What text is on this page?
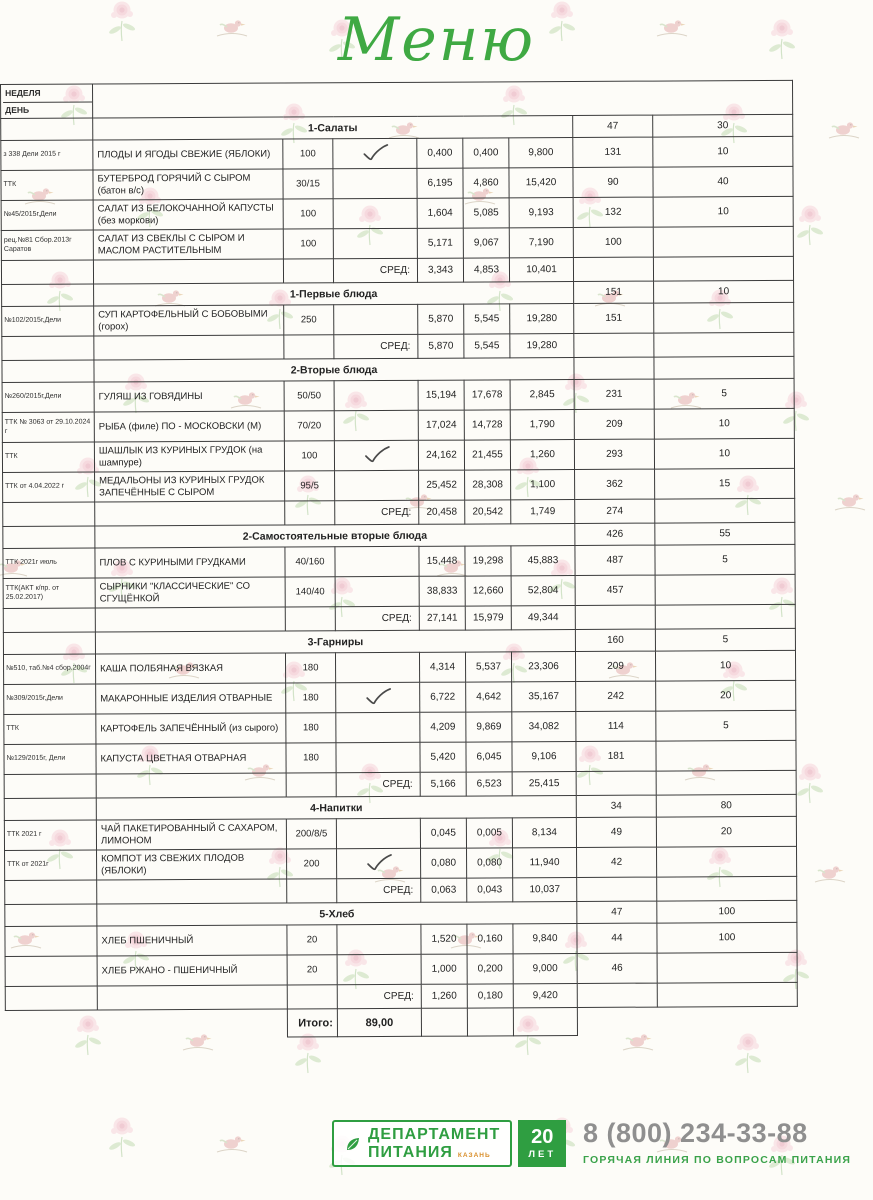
Меню
НЕДЕЛЯ
ДЕНЬ								

	1-Салаты						47	30
з 338 Дели 2015 г	ПЛОДЫ И ЯГОДЫ СВЕЖИЕ (ЯБЛОКИ)	100		0,400	0,400	9,800	131	10
ТТК	БУТЕРБРОД ГОРЯЧИЙ С СЫРОМ (батон в/с)	30/15		6,195	4,860	15,420	90	40
№45/2015г,Дели	САЛАТ ИЗ БЕЛОКОЧАННОЙ КАПУСТЫ (без моркови)	100		1,604	5,085	9,193	132	10
рец.№81 Сбор.2013г Саратов	САЛАТ ИЗ СВЕКЛЫ С СЫРОМ И МАСЛОМ РАСТИТЕЛЬНЫМ	100		5,171	9,067	7,190	100	
			СРЕД:	3,343	4,853	10,401		
	1-Первые блюда						151	10
№102/2015г,Дели	СУП КАРТОФЕЛЬНЫЙ С БОБОВЫМИ (горох)	250		5,870	5,545	19,280	151	
			СРЕД:	5,870	5,545	19,280		
	2-Вторые блюда							
№260/2015г,Дели	ГУЛЯШ ИЗ ГОВЯДИНЫ	50/50		15,194	17,678	2,845	231	5
ТТК № 3063 от 29.10.2024 г	РЫБА (филе) ПО - МОСКОВСКИ (М)	70/20		17,024	14,728	1,790	209	10
ТТК	ШАШЛЫК ИЗ КУРИНЫХ ГРУДОК (на шампуре)	100		24,162	21,455	1,260	293	10
ТТК от 4.04.2022 г	МЕДАЛЬОНЫ ИЗ КУРИНЫХ ГРУДОК ЗАПЕЧЁННЫЕ С СЫРОМ	95/5		25,452	28,308	1,100	362	15
			СРЕД:	20,458	20,542	1,749	274	
	2-Самостоятельные вторые блюда						426	55
ТТК 2021г июль	ПЛОВ С КУРИНЫМИ ГРУДКАМИ	40/160		15,448	19,298	45,883	487	5
ТТК(АКТ к/пр. от 25.02.2017)	СЫРНИКИ "КЛАССИЧЕСКИЕ" СО СГУЩЁНКОЙ	140/40		38,833	12,660	52,804	457	
			СРЕД:	27,141	15,979	49,344		
	3-Гарниры						160	5
№510, таб.№4 сбор.2004г	КАША ПОЛБЯНАЯ ВЯЗКАЯ	180		4,314	5,537	23,306	209	10
№309/2015г,Дели	МАКАРОННЫЕ ИЗДЕЛИЯ ОТВАРНЫЕ	180		6,722	4,642	35,167	242	20
ТТК	КАРТОФЕЛЬ ЗАПЕЧЁННЫЙ (из сырого)	180		4,209	9,869	34,082	114	5
№129/2015г, Дели	КАПУСТА ЦВЕТНАЯ ОТВАРНАЯ	180		5,420	6,045	9,106	181	
			СРЕД:	5,166	6,523	25,415		
	4-Напитки						34	80
ТТК 2021 г	ЧАЙ ПАКЕТИРОВАННЫЙ С САХАРОМ, ЛИМОНОМ	200/8/5		0,045	0,005	8,134	49	20
ТТК от 2021г	КОМПОТ ИЗ СВЕЖИХ ПЛОДОВ (ЯБЛОКИ)	200		0,080	0,080	11,940	42	
			СРЕД:	0,063	0,043	10,037		
	5-Хлеб						47	100
	ХЛЕБ ПШЕНИЧНЫЙ	20		1,520	0,160	9,840	44	100
	ХЛЕБ РЖАНО - ПШЕНИЧНЫЙ	20		1,000	0,200	9,000	46	
			СРЕД:	1,260	0,180	9,420		
		Итого:	89,00					
ДЕПАРТАМЕНТ
ПИТАНИЯ КАЗАНЬ
20
ЛЕТ
8 (800) 234-33-88
ГОРЯЧАЯ ЛИНИЯ ПО ВОПРОСАМ ПИТАНИЯ
